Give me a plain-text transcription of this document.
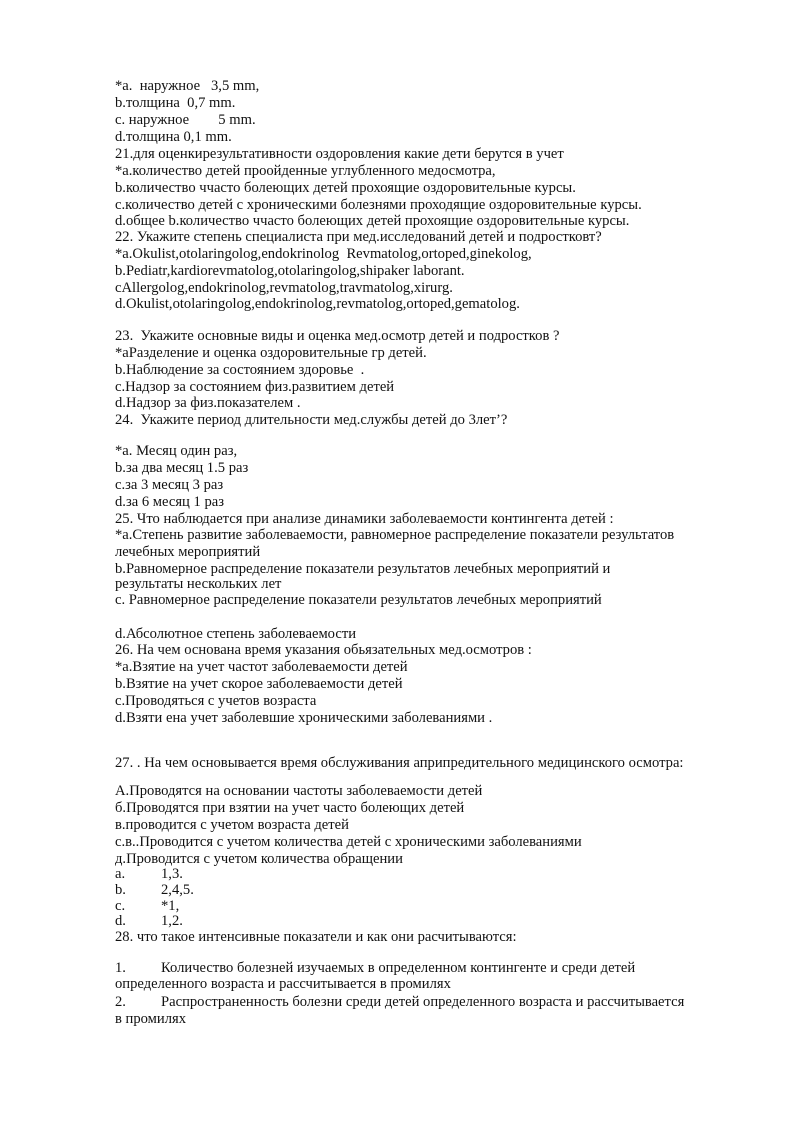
*a.  наружное   3,5 mm,
b.толщина  0,7 mm.
c. наружное        5 mm.
d.толщина 0,1 mm.
21.для оценкирезультативности оздоровления какие дети берутся в учет
*a.количество детей проойденные углубленного медосмотра,
b.количество ччасто болеющих детей прохоящие оздоровительные курсы.
c.количество детей с хроническими болезнями проходящие оздоровительные курсы.
d.общее b.количество ччасто болеющих детей прохоящие оздоровительные курсы.
22. Укажите степень специалиста при мед.исследований детей и подростковт?
*a.Okulist,otolaringolog,endokrinolog  Revmatolog,ortoped,ginekolog,
b.Pediatr,kardiorevmatolog,otolaringolog,shipaker laborant.
cAllergolog,endokrinolog,revmatolog,travmatolog,xirurg.
d.Okulist,otolaringolog,endokrinolog,revmatolog,ortoped,gematolog.
23.  Укажите основные виды и оценка мед.осмотр детей и подростков ?
*aРазделение и оценка оздоровительные гр детей.
b.Наблюдение за состоянием здоровье  .
c.Надзор за состоянием физ.развитием детей
d.Надзор за физ.показателем .
24.  Укажите период длительности мед.службы детей до 3лет’?
*a. Месяц один раз,
b.за два месяц 1.5 раз
c.за 3 месяц 3 раз
d.за 6 месяц 1 раз
25. Что наблюдается при анализе динамики заболеваемости контингента детей :
*a.Степень развитие заболеваемости, равномерное распределение показатели результатов
лечебных мероприятий
b.Равномерное распределение показатели результатов лечебных мероприятий и
результаты нескольких лет
c. Равномерное распределение показатели результатов лечебных мероприятий
d.Абсолютное степень заболеваемости
26. На чем основана время указания обьязательных мед.осмотров :
*a.Взятие на учет частот заболеваемости детей
b.Взятие на учет скорое заболеваемости детей
c.Проводяться с учетов возраста
d.Взяти ена учет заболевшие хроническими заболеваниями .
27. . На чем основывается время обслуживания априпредительного медицинского осмотра:
А.Проводятся на основании частоты заболеваемости детей
б.Проводятся при взятии на учет часто болеющих детей
в.проводится с учетом возраста детей
с.в..Проводится с учетом количества детей с хроническими заболеваниями
д.Проводится с учетом количества обращении
a. 1,3.
b. 2,4,5.
c. *1,
d. 1,2.
28. что такое интенсивные показатели и как они расчитываются:
1. Количество болезней изучаемых в определенном контингенте и среди детей
определенного возраста и рассчитывается в промилях
2. Распространенность болезни среди детей определенного возраста и рассчитывается
в промилях
